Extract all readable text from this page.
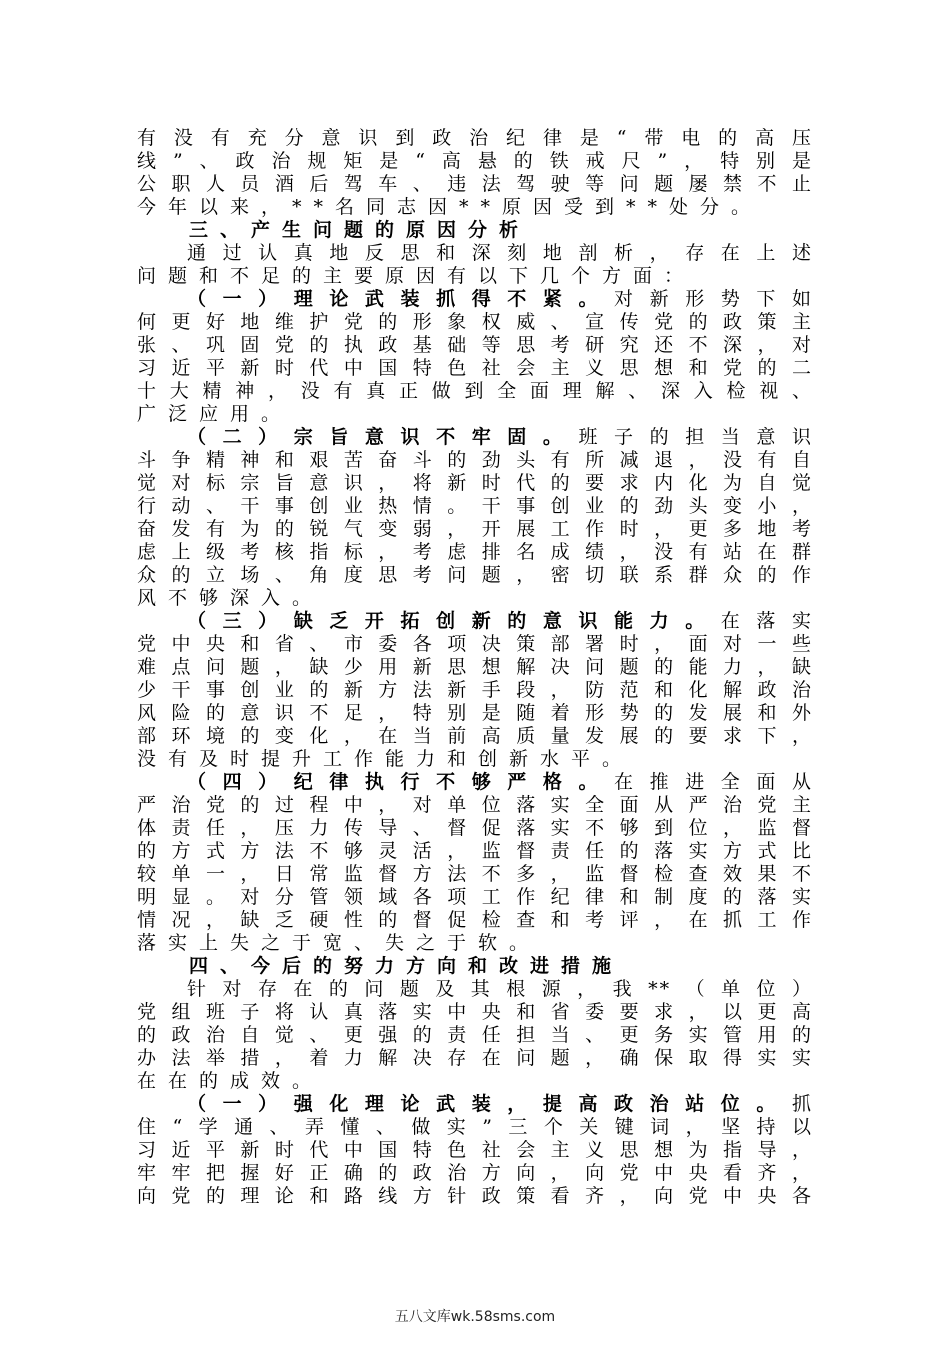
有没有充分意识到政治纪律是“带电的高压
线”、政治规矩是“高悬的铁戒尺”，特别是
公职人员酒后驾车、违法驾驶等问题屡禁不止
今年以来，**名同志因**原因受到**处分。
三、产生问题的原因分析
通过认真地反思和深刻地剖析，存在上述
问题和不足的主要原因有以下几个方面：
（一）理论武装抓得不紧。对新形势下如
何更好地维护党的形象权威、宣传党的政策主
张、巩固党的执政基础等思考研究还不深，对
习近平新时代中国特色社会主义思想和党的二
十大精神，没有真正做到全面理解、深入检视、
广泛应用。
（二）宗旨意识不牢固。班子的担当意识
斗争精神和艰苦奋斗的劲头有所减退，没有自
觉对标宗旨意识，将新时代的要求内化为自觉
行动、干事创业热情。干事创业的劲头变小，
奋发有为的锐气变弱，开展工作时，更多地考
虑上级考核指标，考虑排名成绩，没有站在群
众的立场、角度思考问题，密切联系群众的作
风不够深入。
（三）缺乏开拓创新的意识能力。在落实
党中央和省、市委各项决策部署时，面对一些
难点问题，缺少用新思想解决问题的能力，缺
少干事创业的新方法新手段，防范和化解政治
风险的意识不足，特别是随着形势的发展和外
部环境的变化，在当前高质量发展的要求下，
没有及时提升工作能力和创新水平。
（四）纪律执行不够严格。在推进全面从
严治党的过程中，对单位落实全面从严治党主
体责任，压力传导、督促落实不够到位，监督
的方式方法不够灵活，监督责任的落实方式比
较单一，日常监督方法不多，监督检查效果不
明显。对分管领域各项工作纪律和制度的落实
情况，缺乏硬性的督促检查和考评，在抓工作
落实上失之于宽、失之于软。
四、今后的努力方向和改进措施
针对存在的问题及其根源，我**（单位）
党组班子将认真落实中央和省委要求，以更高
的政治自觉、更强的责任担当、更务实管用的
办法举措，着力解决存在问题，确保取得实实
在在的成效。
（一）强化理论武装，提高政治站位。抓
住“学通、弄懂、做实”三个关键词，坚持以
习近平新时代中国特色社会主义思想为指导，
牢牢把握好正确的政治方向，向党中央看齐，
向党的理论和路线方针政策看齐，向党中央各
五八文库wk.58sms.com
